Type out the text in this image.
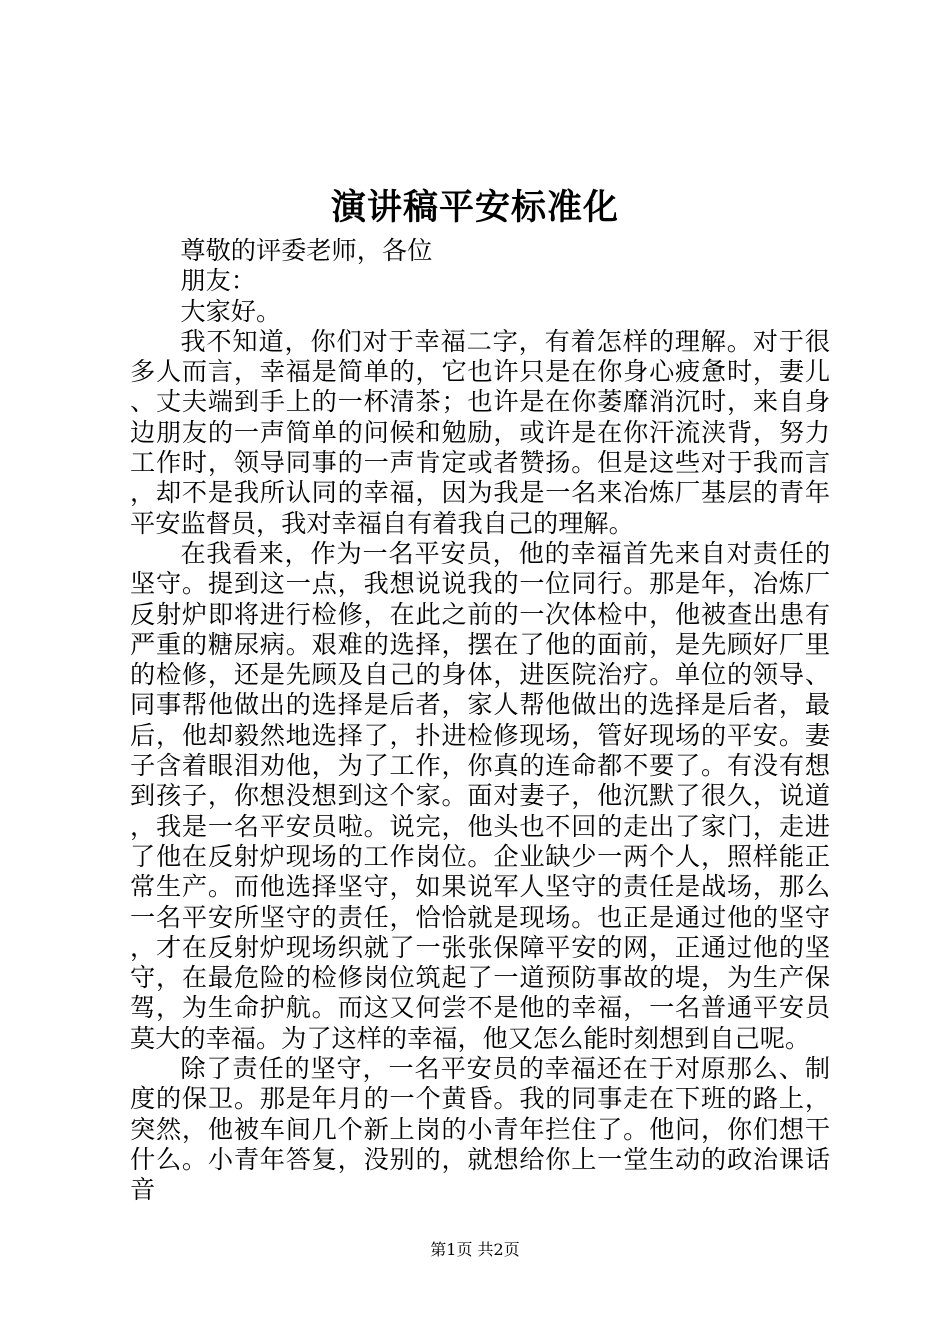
演讲稿平安标准化

尊敬的评委老师，各位

朋友：

大家好。

我不知道，你们对于幸福二字，有着怎样的理解。对于很多人而言，幸福是简单的，它也许只是在你身心疲惫时，妻儿、丈夫端到手上的一杯清茶；也许是在你萎靡消沉时，来自身边朋友的一声简单的问候和勉励，或许是在你汗流浃背，努力工作时，领导同事的一声肯定或者赞扬。但是这些对于我而言，却不是我所认同的幸福，因为我是一名来冶炼厂基层的青年平安监督员，我对幸福自有着我自己的理解。

在我看来，作为一名平安员，他的幸福首先来自对责任的坚守。提到这一点，我想说说我的一位同行。那是年，冶炼厂反射炉即将进行检修，在此之前的一次体检中，他被查出患有严重的糖尿病。艰难的选择，摆在了他的面前，是先顾好厂里的检修，还是先顾及自己的身体，进医院治疗。单位的领导、同事帮他做出的选择是后者，家人帮他做出的选择是后者，最后，他却毅然地选择了，扑进检修现场，管好现场的平安。妻子含着眼泪劝他，为了工作，你真的连命都不要了。有没有想到孩子，你想没想到这个家。面对妻子，他沉默了很久，说道，我是一名平安员啦。说完，他头也不回的走出了家门，走进了他在反射炉现场的工作岗位。企业缺少一两个人，照样能正常生产。而他选择坚守，如果说军人坚守的责任是战场，那么一名平安所坚守的责任，恰恰就是现场。也正是通过他的坚守，才在反射炉现场织就了一张张保障平安的网，正通过他的坚守，在最危险的检修岗位筑起了一道预防事故的堤，为生产保驾，为生命护航。而这又何尝不是他的幸福，一名普通平安员莫大的幸福。为了这样的幸福，他又怎么能时刻想到自己呢。

除了责任的坚守，一名平安员的幸福还在于对原那么、制度的保卫。那是年月的一个黄昏。我的同事走在下班的路上，突然，他被车间几个新上岗的小青年拦住了。他问，你们想干什么。小青年答复，没别的，就想给你上一堂生动的政治课话音

第1页 共2页
